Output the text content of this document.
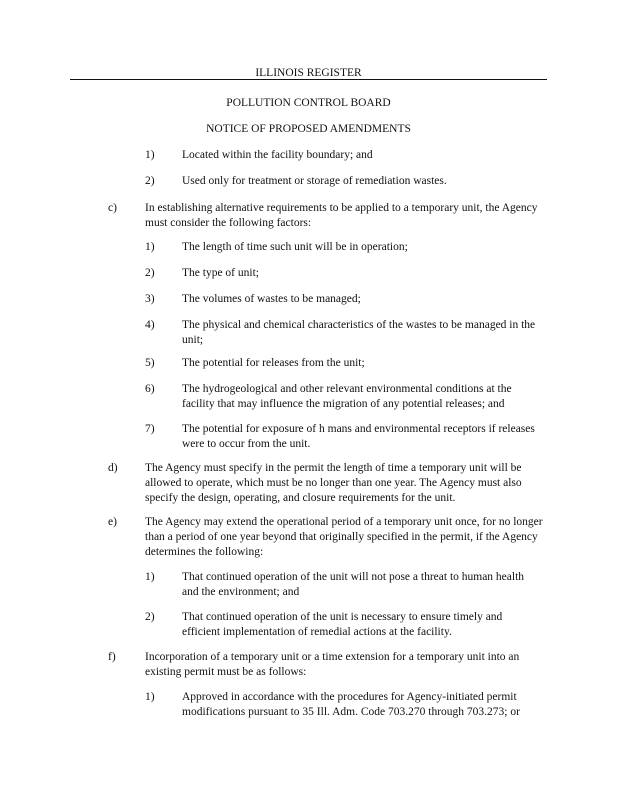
ILLINOIS REGISTER
POLLUTION CONTROL BOARD
NOTICE OF PROPOSED AMENDMENTS
1) Located within the facility boundary; and

2) Used only for treatment or storage of remediation wastes.

c) In establishing alternative requirements to be applied to a temporary unit, the Agency must consider the following factors:

1) The length of time such unit will be in operation;

2) The type of unit;

3) The volumes of wastes to be managed;

4) The physical and chemical characteristics of the wastes to be managed in the unit;

5) The potential for releases from the unit;

6) The hydrogeological and other relevant environmental conditions at the facility that may influence the migration of any potential releases; and

7) The potential for exposure of h mans and environmental receptors if releases were to occur from the unit.

d) The Agency must specify in the permit the length of time a temporary unit will be allowed to operate, which must be no longer than one year. The Agency must also specify the design, operating, and closure requirements for the unit.

e) The Agency may extend the operational period of a temporary unit once, for no longer than a period of one year beyond that originally specified in the permit, if the Agency determines the following:

1) That continued operation of the unit will not pose a threat to human health and the environment; and

2) That continued operation of the unit is necessary to ensure timely and efficient implementation of remedial actions at the facility.

f)	Incorporation of a temporary unit or a time extension for a temporary unit into an existing permit must be as follows:

1) Approved in accordance with the procedures for Agency-initiated permit modifications pursuant to 35 Ill. Adm. Code 703.270 through 703.273; or
